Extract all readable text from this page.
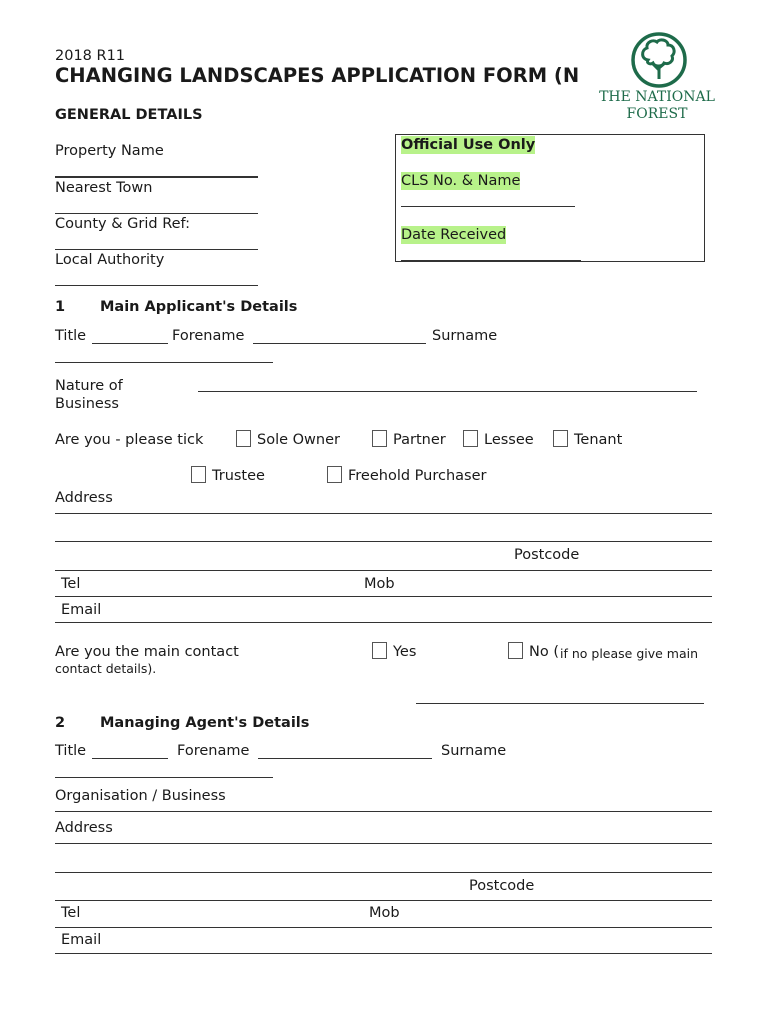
2018 R11
CHANGING LANDSCAPES APPLICATION FORM (N
GENERAL DETAILS
THE NATIONAL
FOREST
Property Name
Nearest Town
County & Grid Ref:
Local Authority
Official Use Only
CLS No. & Name
Date Received
1 Main Applicant's Details
Title	Forename	Surname
Nature of
Business
Are you - please tick	Sole Owner	Partner	Lessee	Tenant
Trustee	Freehold Purchaser
Address
Postcode
Tel	Mob
Email
Are you the main contact
contact details).
Yes	No ( if no please give main
2 Managing Agent's Details
Title	Forename	Surname
Organisation / Business
Address
Postcode
Tel	Mob
Email
